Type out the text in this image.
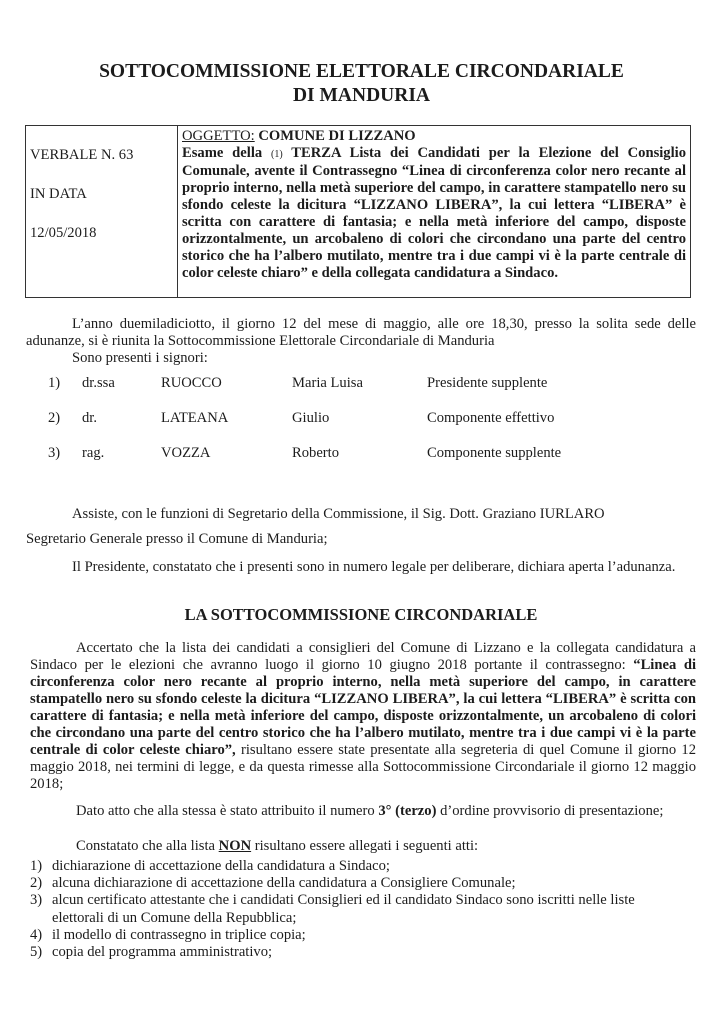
SOTTOCOMMISSIONE ELETTORALE CIRCONDARIALE
DI MANDURIA
VERBALE N. 63
IN DATA
12/05/2018

OGGETTO: COMUNE DI LIZZANO
Esame della (1) TERZA Lista dei Candidati per la Elezione del Consiglio Comunale, avente il Contrassegno “Linea di circonferenza color nero recante al proprio interno, nella metà superiore del campo, in carattere stampatello nero su sfondo celeste la dicitura “LIZZANO LIBERA”, la cui lettera “LIBERA” è scritta con carattere di fantasia; e nella metà inferiore del campo, disposte orizzontalmente, un arcobaleno di colori che circondano una parte del centro storico che ha l’albero mutilato, mentre tra i due campi vi è la parte centrale di color celeste chiaro” e della collegata candidatura a Sindaco.
L’anno duemiladiciotto, il giorno 12 del mese di maggio, alle ore 18,30, presso la solita sede delle adunanze, si è riunita la Sottocommissione Elettorale Circondariale di Manduria
Sono presenti i signori:
1) dr.ssa	RUOCCO	Maria Luisa	Presidente supplente
2) dr.	LATEANA	Giulio	Componente effettivo
3) rag.	VOZZA	Roberto	Componente supplente
Assiste, con le funzioni di Segretario della Commissione, il Sig. Dott. Graziano IURLARO
Segretario Generale presso il Comune di Manduria;
Il Presidente, constatato che i presenti sono in numero legale per deliberare, dichiara aperta l’adunanza.
LA SOTTOCOMMISSIONE CIRCONDARIALE
Accertato che la lista dei candidati a consiglieri del Comune di Lizzano e la collegata candidatura a Sindaco per le elezioni che avranno luogo il giorno 10 giugno 2018 portante il contrassegno: “Linea di circonferenza color nero recante al proprio interno, nella metà superiore del campo, in carattere stampatello nero su sfondo celeste la dicitura “LIZZANO LIBERA”, la cui lettera “LIBERA” è scritta con carattere di fantasia; e nella metà inferiore del campo, disposte orizzontalmente, un arcobaleno di colori che circondano una parte del centro storico che ha l’albero mutilato, mentre tra i due campi vi è la parte centrale di color celeste chiaro”, risultano essere state presentate alla segreteria di quel Comune il giorno 12 maggio 2018, nei termini di legge, e da questa rimesse alla Sottocommissione Circondariale il giorno 12 maggio 2018;
Dato atto che alla stessa è stato attribuito il numero 3° (terzo) d’ordine provvisorio di presentazione;
Constatato che alla lista NON risultano essere allegati i seguenti atti:
1) dichiarazione di accettazione della candidatura a Sindaco;
2) alcuna dichiarazione di accettazione della candidatura a Consigliere Comunale;
3) alcun certificato attestante che i candidati Consiglieri ed il candidato Sindaco sono iscritti nelle liste elettorali di un Comune della Repubblica;
4) il modello di contrassegno in triplice copia;
5) copia del programma amministrativo;
